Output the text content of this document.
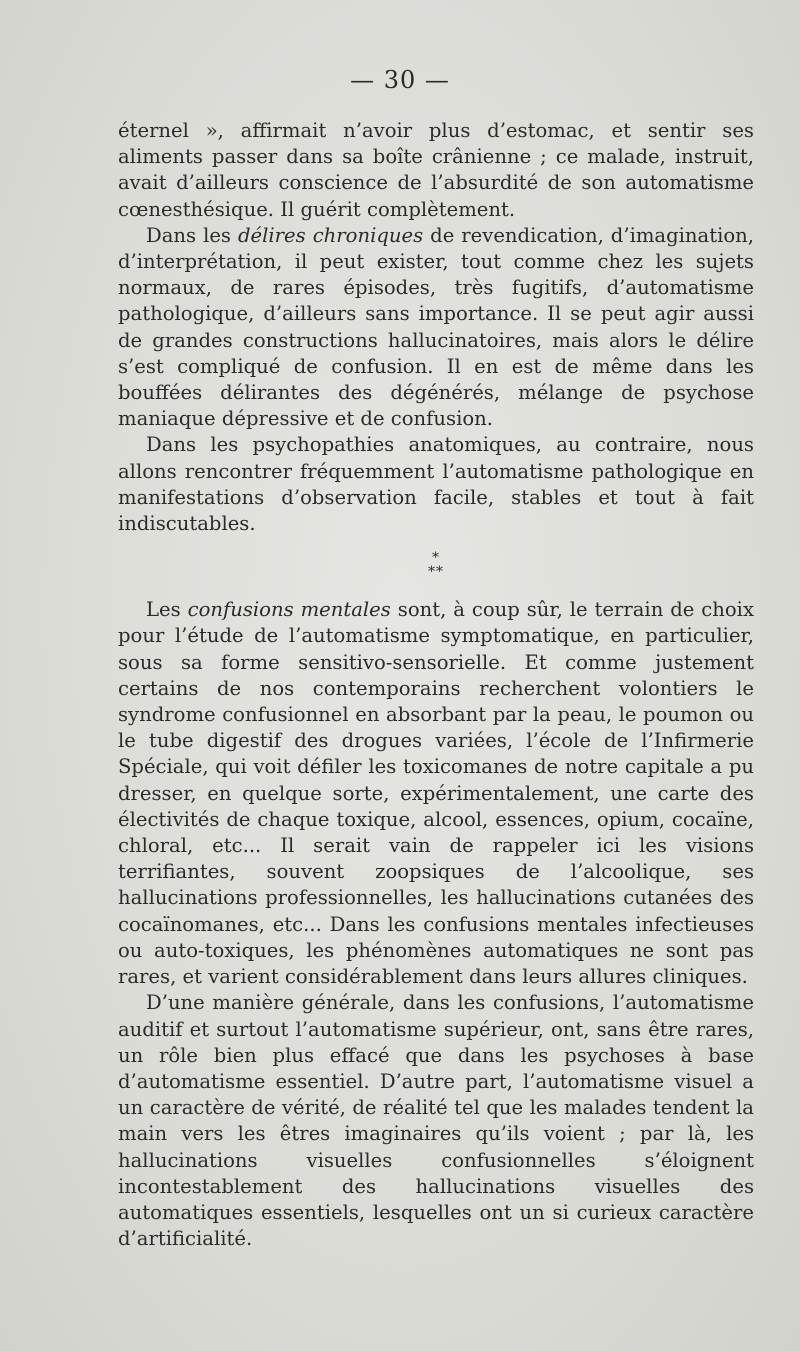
— 30 —

éternel », affirmait n’avoir plus d’estomac, et sentir ses aliments passer dans sa boîte crânienne ; ce malade, instruit, avait d’ailleurs conscience de l’absurdité de son automatisme cœnesthésique. Il guérit complètement.

Dans les délires chroniques de revendication, d’imagination, d’interprétation, il peut exister, tout comme chez les sujets normaux, de rares épisodes, très fugitifs, d’automatisme pathologique, d’ailleurs sans importance. Il se peut agir aussi de grandes constructions hallucinatoires, mais alors le délire s’est compliqué de confusion. Il en est de même dans les bouffées délirantes des dégénérés, mélange de psychose maniaque dépressive et de confusion.

Dans les psychopathies anatomiques, au contraire, nous allons rencontrer fréquemment l’automatisme pathologique en manifestations d’observation facile, stables et tout à fait indiscutables.

*
**

Les confusions mentales sont, à coup sûr, le terrain de choix pour l’étude de l’automatisme symptomatique, en particulier, sous sa forme sensitivo-sensorielle. Et comme justement certains de nos contemporains recherchent volontiers le syndrome confusionnel en absorbant par la peau, le poumon ou le tube digestif des drogues variées, l’école de l’Infirmerie Spéciale, qui voit défiler les toxicomanes de notre capitale a pu dresser, en quelque sorte, expérimentalement, une carte des électivités de chaque toxique, alcool, essences, opium, cocaïne, chloral, etc... Il serait vain de rappeler ici les visions terrifiantes, souvent zoopsiques de l’alcoolique, ses hallucinations professionnelles, les hallucinations cutanées des cocaïnomanes, etc... Dans les confusions mentales infectieuses ou auto-toxiques, les phénomènes automatiques ne sont pas rares, et varient considérablement dans leurs allures cliniques.

D’une manière générale, dans les confusions, l’automatisme auditif et surtout l’automatisme supérieur, ont, sans être rares, un rôle bien plus effacé que dans les psychoses à base d’automatisme essentiel. D’autre part, l’automatisme visuel a un caractère de vérité, de réalité tel que les malades tendent la main vers les êtres imaginaires qu’ils voient ; par là, les hallucinations visuelles confusionnelles s’éloignent incontestablement des hallucinations visuelles des automatiques essentiels, lesquelles ont un si curieux caractère d’artificialité.
